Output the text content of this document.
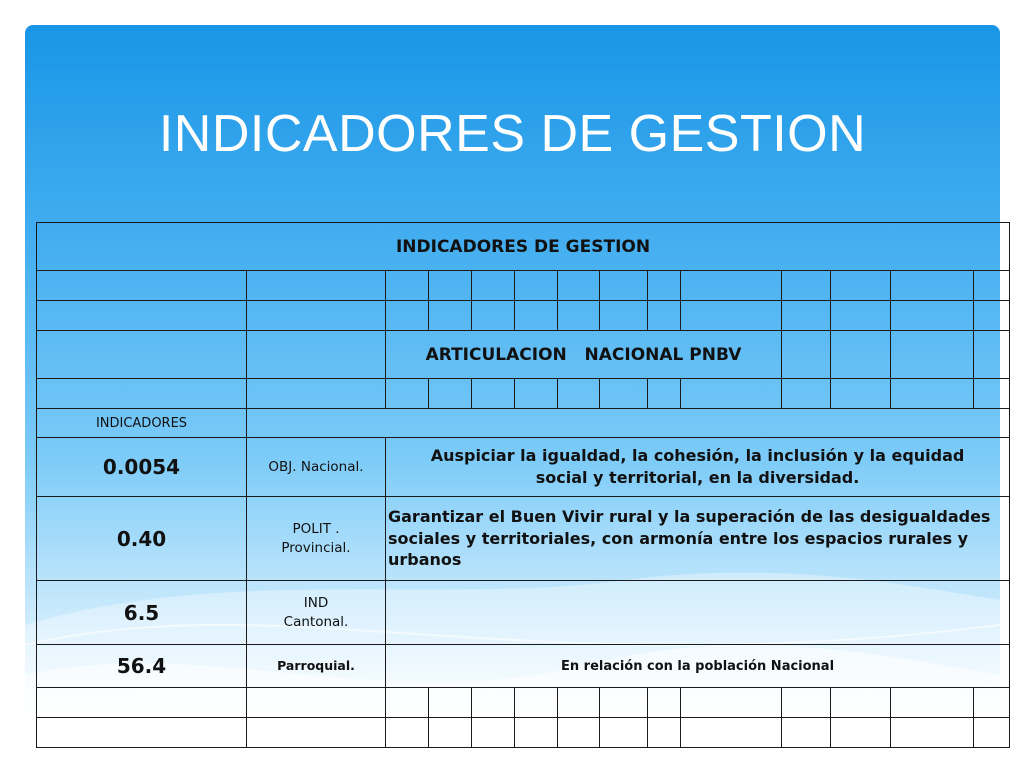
INDICADORES DE GESTION
INDICADORES DE GESTION													

		ARTICULACION   NACIONAL PNBV											

INDICADORES													
0.0054	OBJ. Nacional.	Auspiciar la igualdad, la cohesión, la inclusión y la equidad social y territorial, en la diversidad.											
0.40	POLIT . Provincial.	Garantizar el Buen Vivir rural y la superación de las desigualdades sociales y territoriales, con armonía entre los espacios rurales y urbanos											
6.5	IND Cantonal.												
56.4	Parroquial.	En relación con la población Nacional											
